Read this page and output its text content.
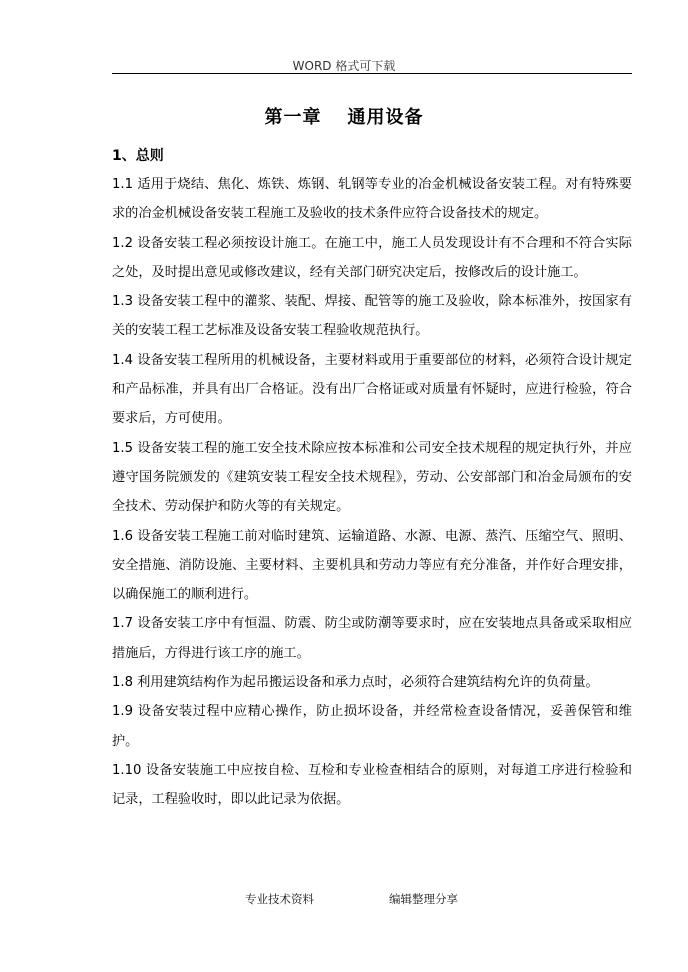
WORD 格式可下载
第一章 通用设备
1、总则

1.1 适用于烧结、焦化、炼铁、炼钢、轧钢等专业的冶金机械设备安装工程。对有特殊要求的冶金机械设备安装工程施工及验收的技术条件应符合设备技术的规定。

1.2 设备安装工程必须按设计施工。在施工中，施工人员发现设计有不合理和不符合实际之处，及时提出意见或修改建议，经有关部门研究决定后，按修改后的设计施工。

1.3 设备安装工程中的灌浆、装配、焊接、配管等的施工及验收，除本标准外，按国家有关的安装工程工艺标准及设备安装工程验收规范执行。

1.4 设备安装工程所用的机械设备，主要材料或用于重要部位的材料，必须符合设计规定和产品标准，并具有出厂合格证。没有出厂合格证或对质量有怀疑时，应进行检验，符合要求后，方可使用。

1.5 设备安装工程的施工安全技术除应按本标准和公司安全技术规程的规定执行外，并应遵守国务院颁发的《建筑安装工程安全技术规程》，劳动、公安部部门和冶金局颁布的安全技术、劳动保护和防火等的有关规定。

1.6 设备安装工程施工前对临时建筑、运输道路、水源、电源、蒸汽、压缩空气、照明、安全措施、消防设施、主要材料、主要机具和劳动力等应有充分准备，并作好合理安排，以确保施工的顺利进行。

1.7 设备安装工序中有恒温、防震、防尘或防潮等要求时，应在安装地点具备或采取相应措施后，方得进行该工序的施工。

1.8 利用建筑结构作为起吊搬运设备和承力点时，必须符合建筑结构允许的负荷量。

1.9 设备安装过程中应精心操作，防止损坏设备，并经常检查设备情况，妥善保管和维护。

1.10 设备安装施工中应按自检、互检和专业检查相结合的原则，对每道工序进行检验和记录，工程验收时，即以此记录为依据。

专业技术资料	编辑整理分享
